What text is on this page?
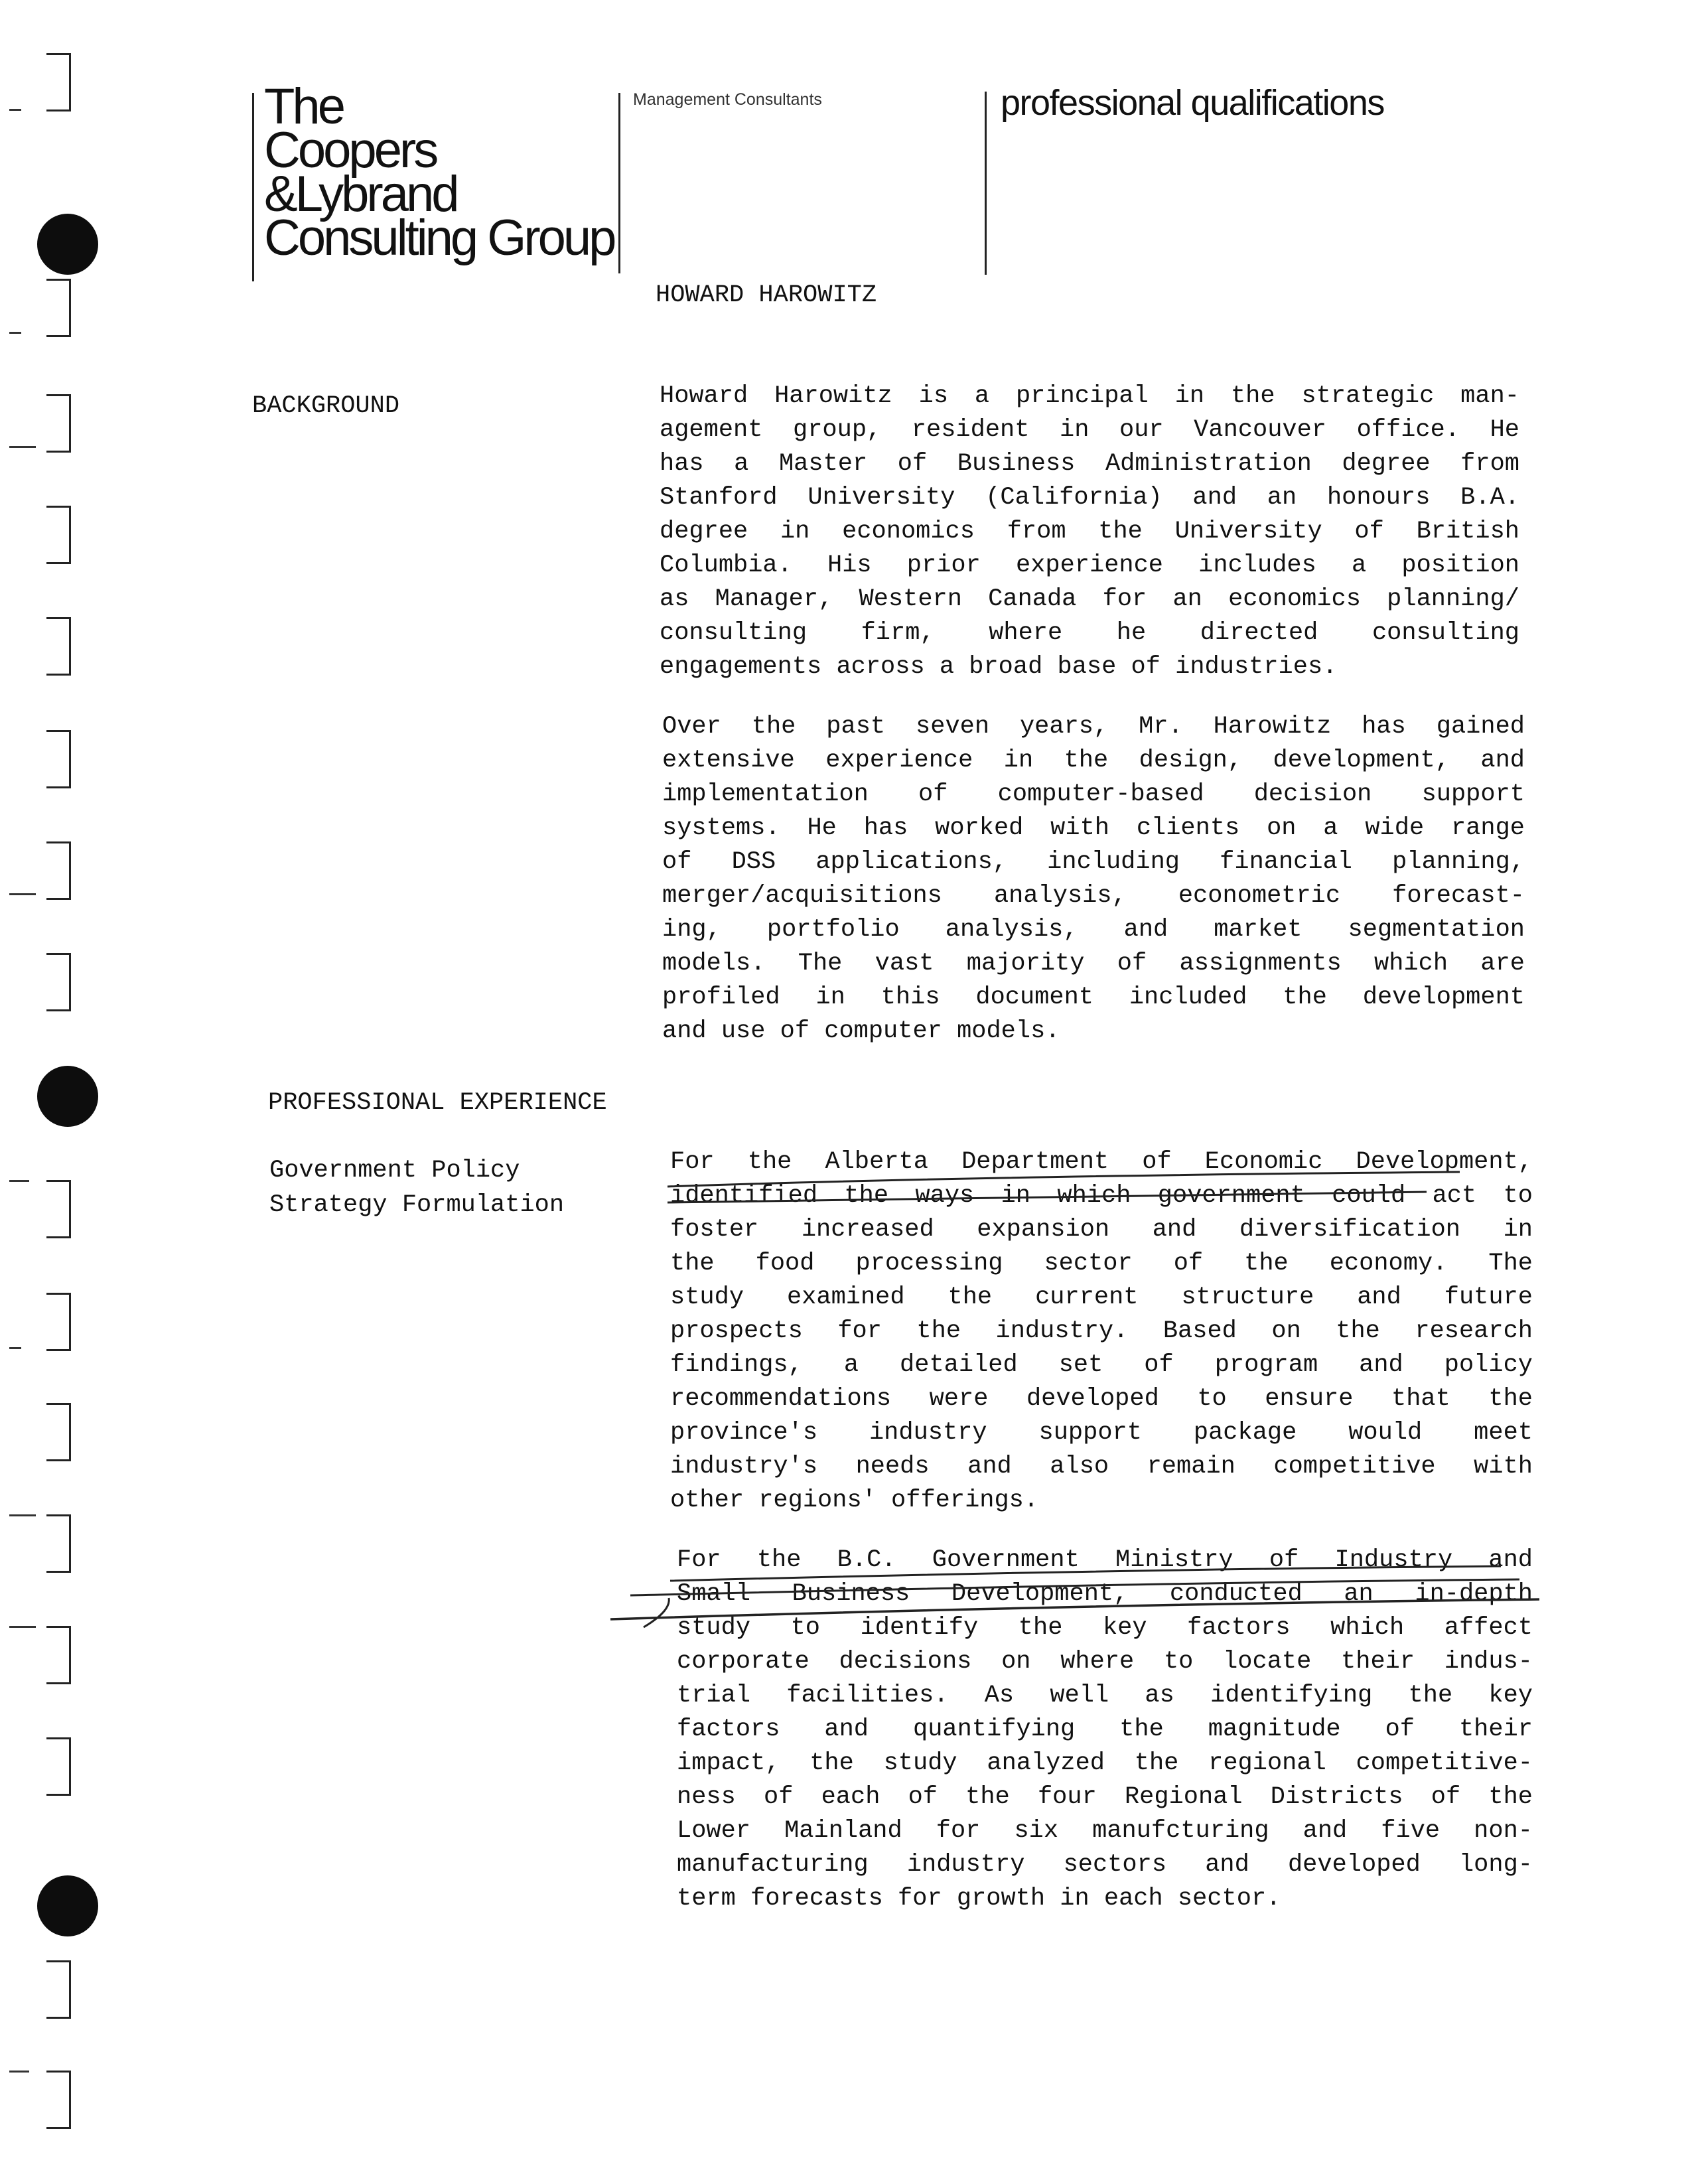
The
Coopers
&Lybrand
Consulting Group
Management Consultants	professional qualifications
HOWARD HAROWITZ
BACKGROUND
PROFESSIONAL EXPERIENCE
Government Policy
Strategy Formulation
Howard Harowitz is a principal in the strategic man-
agement group, resident in our Vancouver office. He
has a Master of Business Administration degree from
Stanford University (California) and an honours B.A.
degree in economics from the University of British
Columbia. His prior experience includes a position
as Manager, Western Canada for an economics planning/
consulting firm, where he directed consulting
engagements across a broad base of industries.
Over the past seven years, Mr. Harowitz has gained
extensive experience in the design, development, and
implementation of computer-based decision support
systems. He has worked with clients on a wide range
of DSS applications, including financial planning,
merger/acquisitions analysis, econometric forecast-
ing, portfolio analysis, and market segmentation
models. The vast majority of assignments which are
profiled in this document included the development
and use of computer models.
For the Alberta Department of Economic Development,
identified the ways in which government could act to
foster increased expansion and diversification in
the food processing sector of the economy. The
study examined the current structure and future
prospects for the industry. Based on the research
findings, a detailed set of program and policy
recommendations were developed to ensure that the
province's industry support package would meet
industry's needs and also remain competitive with
other regions' offerings.
For the B.C. Government Ministry of Industry and
Small Business Development, conducted an in-depth
study to identify the key factors which affect
corporate decisions on where to locate their indus-
trial facilities. As well as identifying the key
factors and quantifying the magnitude of their
impact, the study analyzed the regional competitive-
ness of each of the four Regional Districts of the
Lower Mainland for six manufcturing and five non-
manufacturing industry sectors and developed long-
term forecasts for growth in each sector.
